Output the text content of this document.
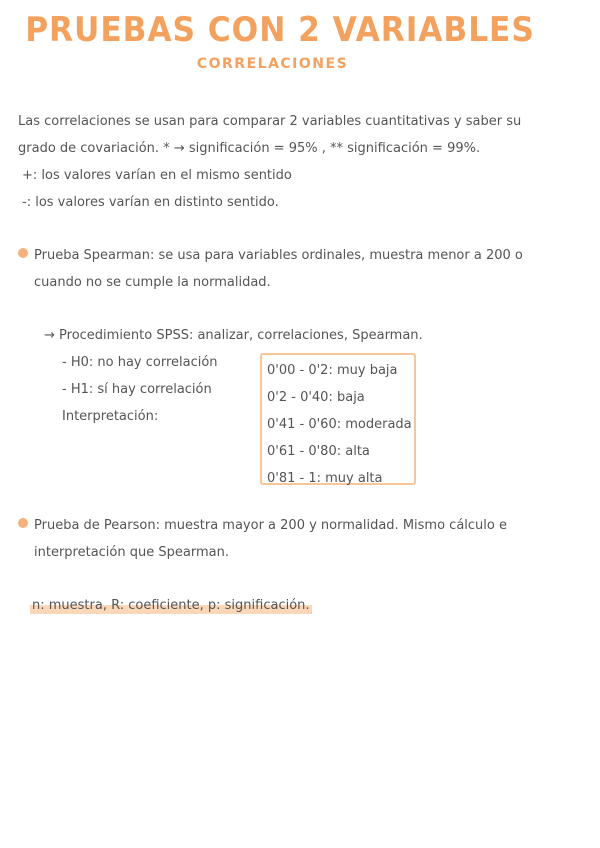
PRUEBAS CON 2 VARIABLES
CORRELACIONES

Las correlaciones se usan para comparar 2 variables cuantitativas y saber su

grado de covariación. * → significación = 95% , ** significación = 99%.

+: los valores varían en el mismo sentido

-: los valores varían en distinto sentido.

Prueba Spearman: se usa para variables ordinales, muestra menor a 200 o

cuando no se cumple la normalidad.

→ Procedimiento SPSS: analizar, correlaciones, Spearman.

- H0: no hay correlación

- H1: sí hay correlación

Interpretación:

0'00 - 0'2: muy baja

0'2 - 0'40: baja

0'41 - 0'60: moderada

0'61 - 0'80: alta

0'81 - 1: muy alta

Prueba de Pearson: muestra mayor a 200 y normalidad. Mismo cálculo e

interpretación que Spearman.

n: muestra, R: coeficiente, p: significación.
